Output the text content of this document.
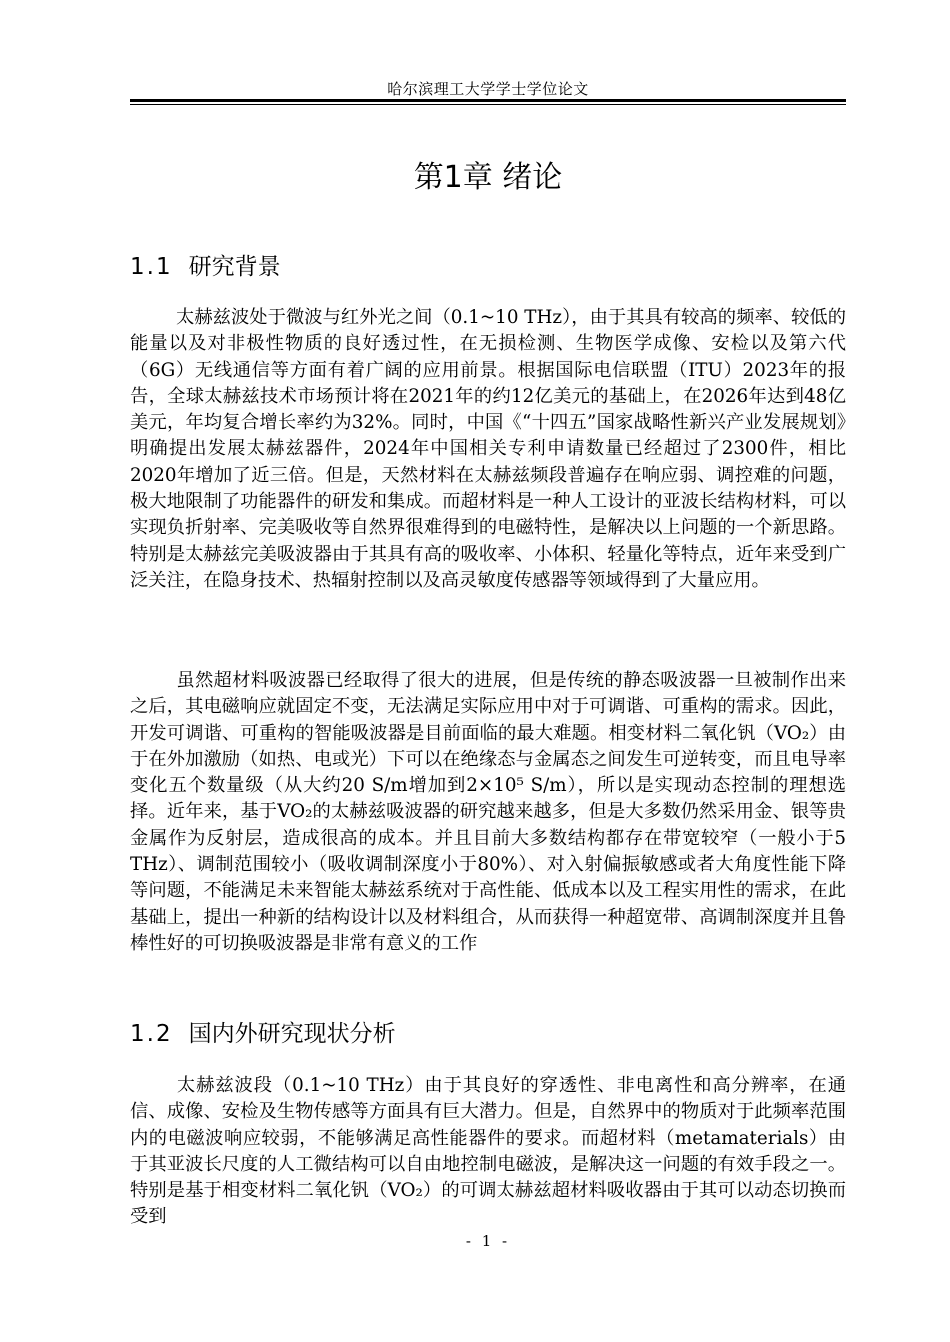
哈尔滨理工大学学士学位论文
第1章 绪论
1.1 研究背景

太赫兹波处于微波与红外光之间（0.1~10 THz），由于其具有较高的频率、较低的能量以及对非极性物质的良好透过性，在无损检测、生物医学成像、安检以及第六代（6G）无线通信等方面有着广阔的应用前景。根据国际电信联盟（ITU）2023年的报告，全球太赫兹技术市场预计将在2021年的约12亿美元的基础上，在2026年达到48亿美元，年均复合增长率约为32%。同时，中国《“十四五”国家战略性新兴产业发展规划》明确提出发展太赫兹器件，2024年中国相关专利申请数量已经超过了2300件，相比2020年增加了近三倍。但是，天然材料在太赫兹频段普遍存在响应弱、调控难的问题，极大地限制了功能器件的研发和集成。而超材料是一种人工设计的亚波长结构材料，可以实现负折射率、完美吸收等自然界很难得到的电磁特性，是解决以上问题的一个新思路。特别是太赫兹完美吸波器由于其具有高的吸收率、小体积、轻量化等特点，近年来受到广泛关注，在隐身技术、热辐射控制以及高灵敏度传感器等领域得到了大量应用。

虽然超材料吸波器已经取得了很大的进展，但是传统的静态吸波器一旦被制作出来之后，其电磁响应就固定不变，无法满足实际应用中对于可调谐、可重构的需求。因此，开发可调谐、可重构的智能吸波器是目前面临的最大难题。相变材料二氧化钒（VO₂）由于在外加激励（如热、电或光）下可以在绝缘态与金属态之间发生可逆转变，而且电导率变化五个数量级（从大约20 S/m增加到2×10⁵ S/m），所以是实现动态控制的理想选择。近年来，基于VO₂的太赫兹吸波器的研究越来越多，但是大多数仍然采用金、银等贵金属作为反射层，造成很高的成本。并且目前大多数结构都存在带宽较窄（一般小于5 THz）、调制范围较小（吸收调制深度小于80%）、对入射偏振敏感或者大角度性能下降等问题，不能满足未来智能太赫兹系统对于高性能、低成本以及工程实用性的需求，在此基础上，提出一种新的结构设计以及材料组合，从而获得一种超宽带、高调制深度并且鲁棒性好的可切换吸波器是非常有意义的工作

1.2 国内外研究现状分析

太赫兹波段（0.1~10 THz）由于其良好的穿透性、非电离性和高分辨率，在通信、成像、安检及生物传感等方面具有巨大潜力。但是，自然界中的物质对于此频率范围内的电磁波响应较弱，不能够满足高性能器件的要求。而超材料（metamaterials）由于其亚波长尺度的人工微结构可以自由地控制电磁波，是解决这一问题的有效手段之一。特别是基于相变材料二氧化钒（VO₂）的可调太赫兹超材料吸收器由于其可以动态切换而受到

- 1 -
